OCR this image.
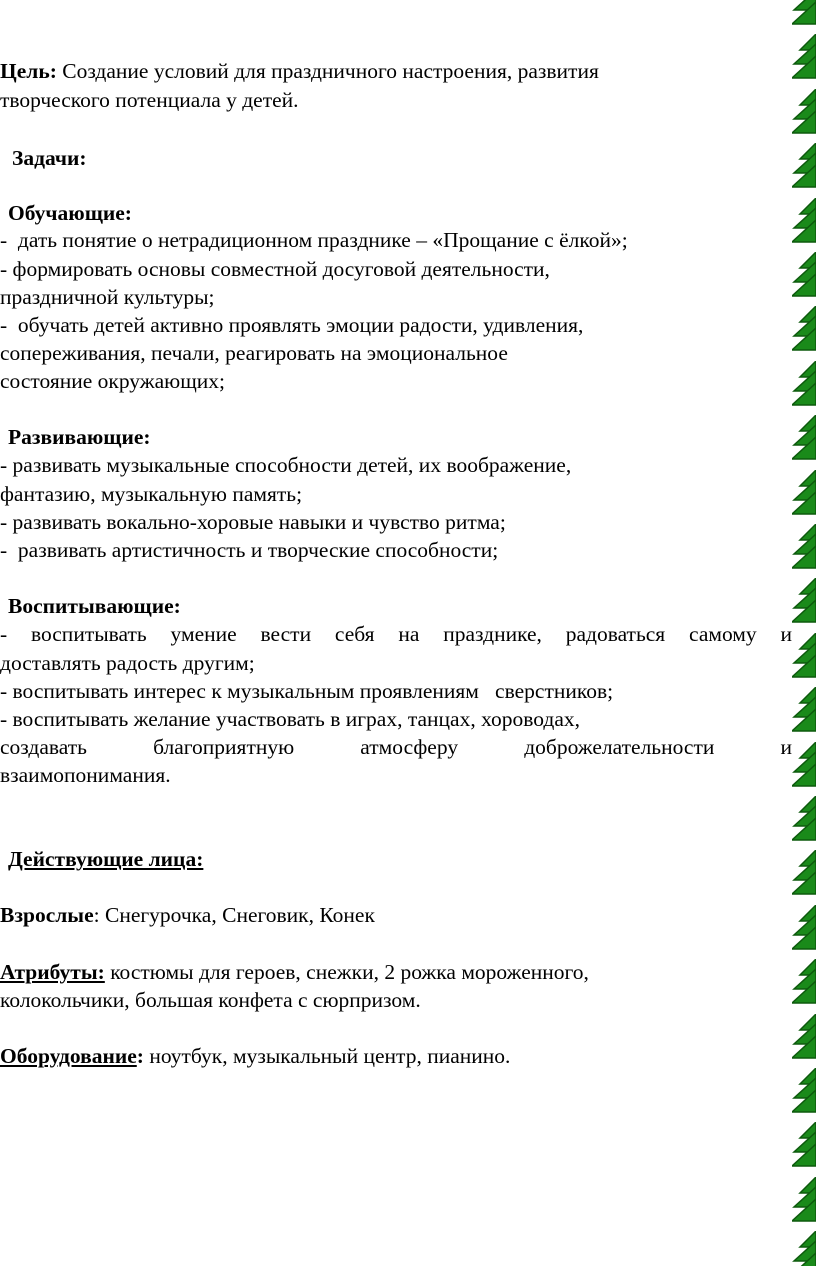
Цель: Создание условий для праздничного настроения, развития

творческого потенциала у детей.

Задачи:

Обучающие:

-  дать понятие о нетрадиционном празднике – «Прощание с ёлкой»;

- формировать основы совместной досуговой деятельности,

праздничной культуры;

-  обучать детей активно проявлять эмоции радости, удивления,

сопереживания, печали, реагировать на эмоциональное

состояние окружающих;

Развивающие:

- развивать музыкальные способности детей, их воображение,

фантазию, музыкальную память;

- развивать вокально-хоровые навыки и чувство ритма;

-  развивать артистичность и творческие способности;

Воспитывающие:

- воспитывать умение вести себя на празднике, радоваться самому и

доставлять радость другим;

- воспитывать интерес к музыкальным проявлениям   сверстников;

- воспитывать желание участвовать в играх, танцах, хороводах,

создавать благоприятную атмосферу доброжелательности и

взаимопонимания.

Действующие лица:

Взрослые: Снегурочка, Снеговик, Конек

Атрибуты: костюмы для героев, снежки, 2 рожка мороженного,

колокольчики, большая конфета с сюрпризом.

Оборудование: ноутбук, музыкальный центр, пианино.
